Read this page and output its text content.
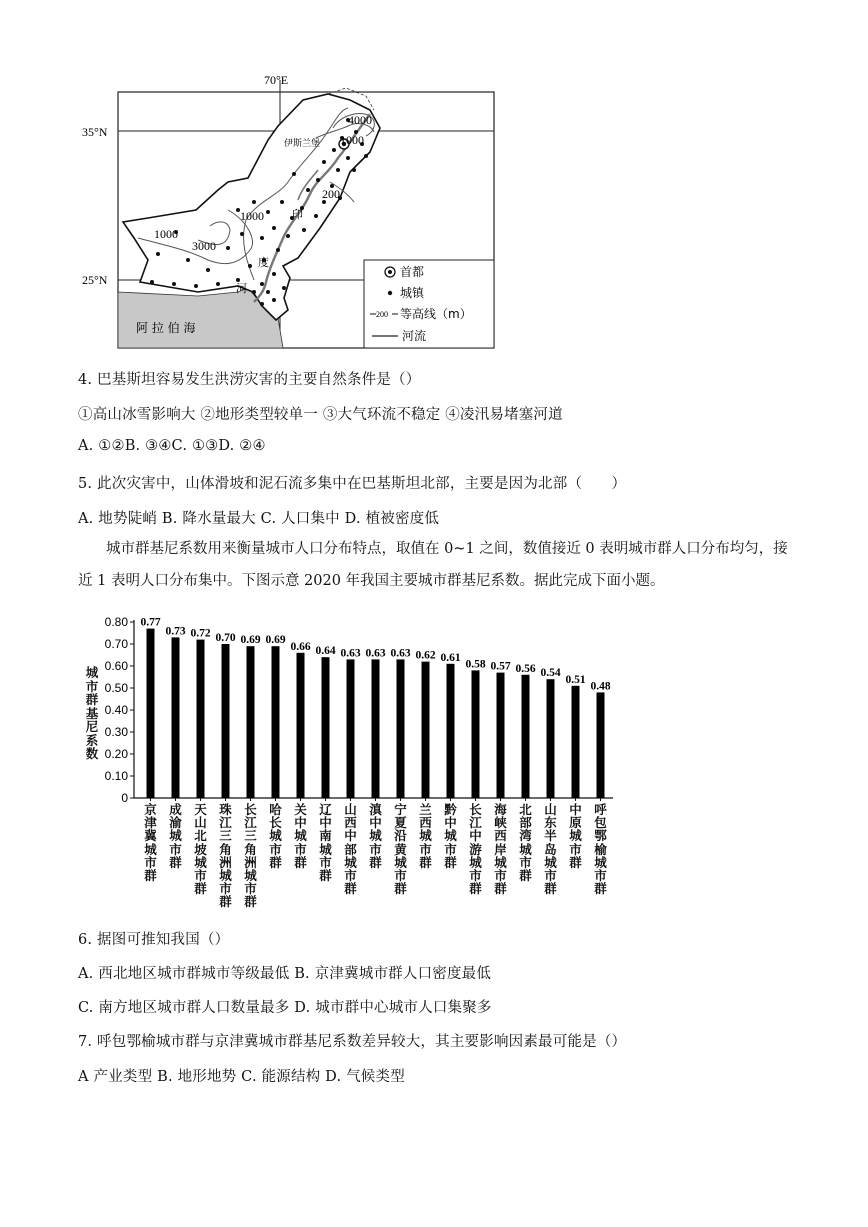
70°E
35°N
25°N
伊斯兰堡
4000
1000
200
1000
1000
3000
印
度
河
阿 拉 伯 海
首都
城镇
200 等高线（m）
河流
4. 巴基斯坦容易发生洪涝灾害的主要自然条件是（）
①高山冰雪影响大 ②地形类型较单一 ③大气环流不稳定 ④凌汛易堵塞河道
A. ①②B. ③④C. ①③D. ②④
5. 此次灾害中，山体滑坡和泥石流多集中在巴基斯坦北部，主要是因为北部（　　）
A. 地势陡峭 B. 降水量最大 C. 人口集中 D. 植被密度低
城市群基尼系数用来衡量城市人口分布特点，取值在 0~1 之间，数值接近 0 表明城市群人口分布均匀，接近 1 表明人口分布集中。下图示意 2020 年我国主要城市群基尼系数。据此完成下面小题。
0
0.10
0.20
0.30
0.40
0.50
0.60
0.70
0.80 0.77
0.73 0.72 0.70 0.69 0.69
0.66 0.64 0.63 0.63 0.63 0.62 0.61
0.58 0.57 0.56 0.54
0.51
0.48
城市群基尼系数
京津冀城市群
成渝城市群
天山北坡城市群
珠江三角洲城市群
长江三角洲城市群
哈长城市群
关中城市群
辽中南城市群
山西中部城市群
滇中城市群
宁夏沿黄城市群
兰西城市群
黔中城市群
长江中游城市群
海峡西岸城市群
北部湾城市群
山东半岛城市群
中原城市群
呼包鄂榆城市群
6. 据图可推知我国（）
A. 西北地区城市群城市等级最低 B. 京津冀城市群人口密度最低
C. 南方地区城市群人口数量最多 D. 城市群中心城市人口集聚多
7. 呼包鄂榆城市群与京津冀城市群基尼系数差异较大，其主要影响因素最可能是（）
A 产业类型 B. 地形地势 C. 能源结构 D. 气候类型
